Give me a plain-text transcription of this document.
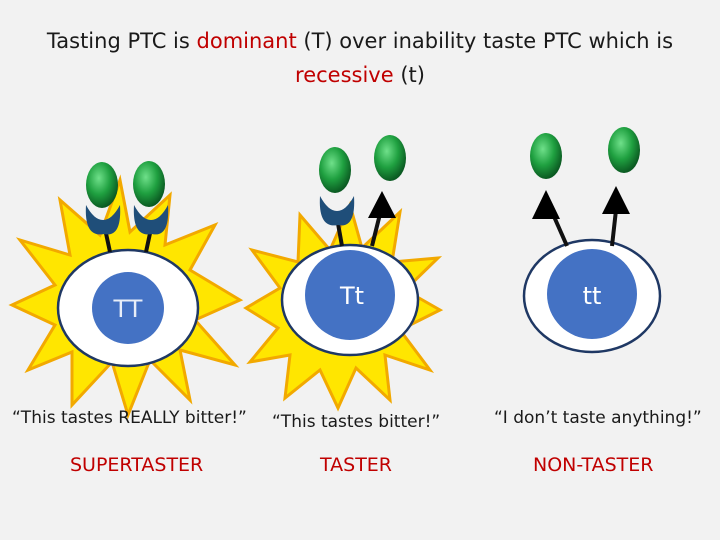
Tasting PTC is dominant (T) over inability taste PTC which is
recessive (t)
TT	Tt	tt
“This tastes REALLY bitter!” “This tastes bitter!”	“I don’t taste anything!”
SUPERTASTER	TASTER	NON-TASTER
